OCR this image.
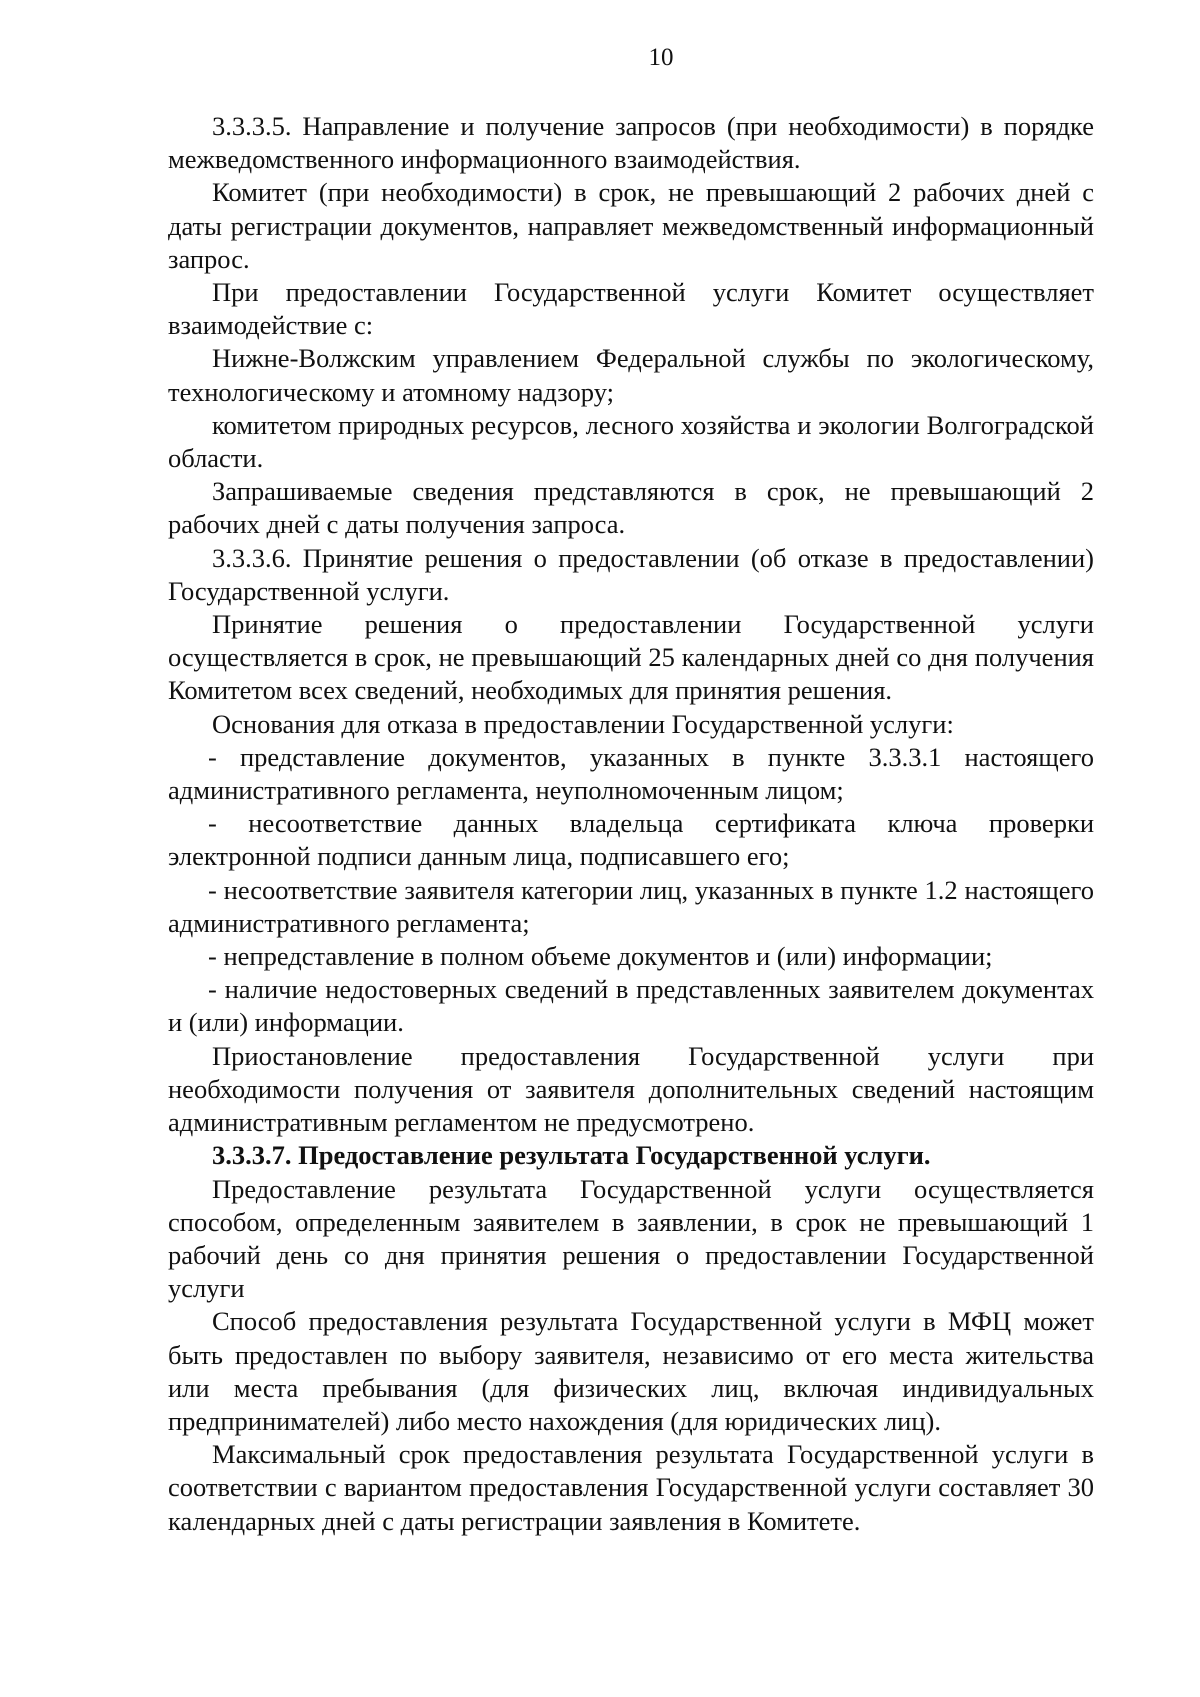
10

3.3.3.5. Направление и получение запросов (при необходимости) в порядке межведомственного информационного взаимодействия.

Комитет (при необходимости) в срок, не превышающий 2 рабочих дней с даты регистрации документов, направляет межведомственный информационный запрос.

При предоставлении Государственной услуги Комитет осуществляет взаимодействие с:

Нижне-Волжским управлением Федеральной службы по экологическому, технологическому и атомному надзору;

комитетом природных ресурсов, лесного хозяйства и экологии Волгоградской области.

Запрашиваемые сведения представляются в срок, не превышающий 2 рабочих дней с даты получения запроса.

3.3.3.6. Принятие решения о предоставлении (об отказе в предоставлении) Государственной услуги.

Принятие решения о предоставлении Государственной услуги осуществляется в срок, не превышающий 25 календарных дней со дня получения Комитетом всех сведений, необходимых для принятия решения.

Основания для отказа в предоставлении Государственной услуги:

- представление документов, указанных в пункте 3.3.3.1 настоящего административного регламента, неуполномоченным лицом;

- несоответствие данных владельца сертификата ключа проверки электронной подписи данным лица, подписавшего его;

- несоответствие заявителя категории лиц, указанных в пункте 1.2 настоящего административного регламента;

- непредставление в полном объеме документов и (или) информации;

- наличие недостоверных сведений в представленных заявителем документах и (или) информации.

Приостановление предоставления Государственной услуги при необходимости получения от заявителя дополнительных сведений настоящим административным регламентом не предусмотрено.

3.3.3.7. Предоставление результата Государственной услуги.

Предоставление результата Государственной услуги осуществляется способом, определенным заявителем в заявлении, в срок не превышающий 1 рабочий день со дня принятия решения о предоставлении Государственной услуги

Способ предоставления результата Государственной услуги в МФЦ может быть предоставлен по выбору заявителя, независимо от его места жительства или места пребывания (для физических лиц, включая индивидуальных предпринимателей) либо место нахождения (для юридических лиц).

Максимальный срок предоставления результата Государственной услуги в соответствии с вариантом предоставления Государственной услуги составляет 30 календарных дней с даты регистрации заявления в Комитете.
